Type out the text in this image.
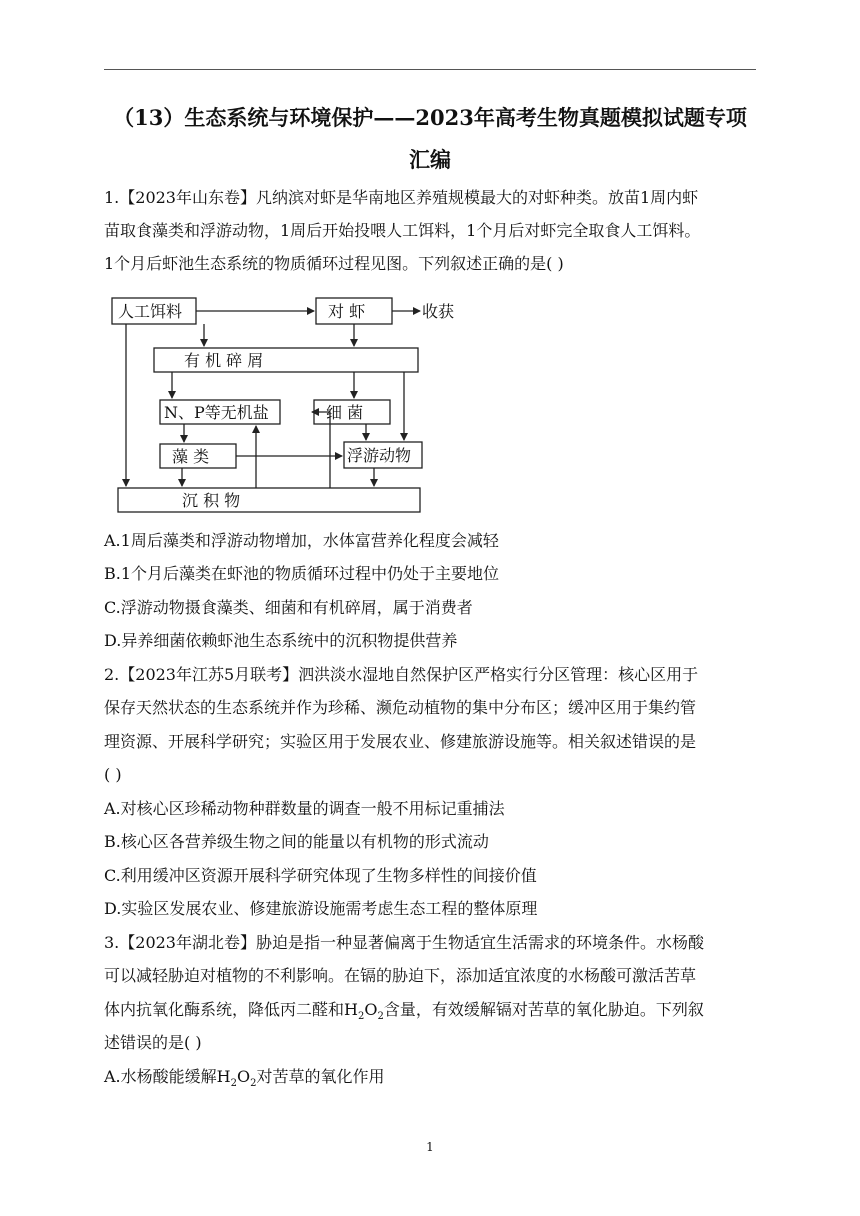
（13）生态系统与环境保护——2023年高考生物真题模拟试题专项
汇编
1.【2023年山东卷】凡纳滨对虾是华南地区养殖规模最大的对虾种类。放苗1周内虾
苗取食藻类和浮游动物，1周后开始投喂人工饵料，1个月后对虾完全取食人工饵料。
1个月后虾池生态系统的物质循环过程见图。下列叙述正确的是( )
人工饵料	对 虾	收获
有 机 碎 屑
N、P等无机盐	细 菌
藻 类	浮游动物
沉 积 物
A.1周后藻类和浮游动物增加，水体富营养化程度会减轻
B.1个月后藻类在虾池的物质循环过程中仍处于主要地位
C.浮游动物摄食藻类、细菌和有机碎屑，属于消费者
D.异养细菌依赖虾池生态系统中的沉积物提供营养
2.【2023年江苏5月联考】泗洪淡水湿地自然保护区严格实行分区管理：核心区用于
保存天然状态的生态系统并作为珍稀、濒危动植物的集中分布区；缓冲区用于集约管
理资源、开展科学研究；实验区用于发展农业、修建旅游设施等。相关叙述错误的是
( )
A.对核心区珍稀动物种群数量的调查一般不用标记重捕法
B.核心区各营养级生物之间的能量以有机物的形式流动
C.利用缓冲区资源开展科学研究体现了生物多样性的间接价值
D.实验区发展农业、修建旅游设施需考虑生态工程的整体原理
3.【2023年湖北卷】胁迫是指一种显著偏离于生物适宜生活需求的环境条件。水杨酸
可以减轻胁迫对植物的不利影响。在镉的胁迫下，添加适宜浓度的水杨酸可激活苦草
体内抗氧化酶系统，降低丙二醛和$H_2O_2$含量，有效缓解镉对苦草的氧化胁迫。下列叙
述错误的是( )
A.水杨酸能缓解$H_2O_2$对苦草的氧化作用
1
